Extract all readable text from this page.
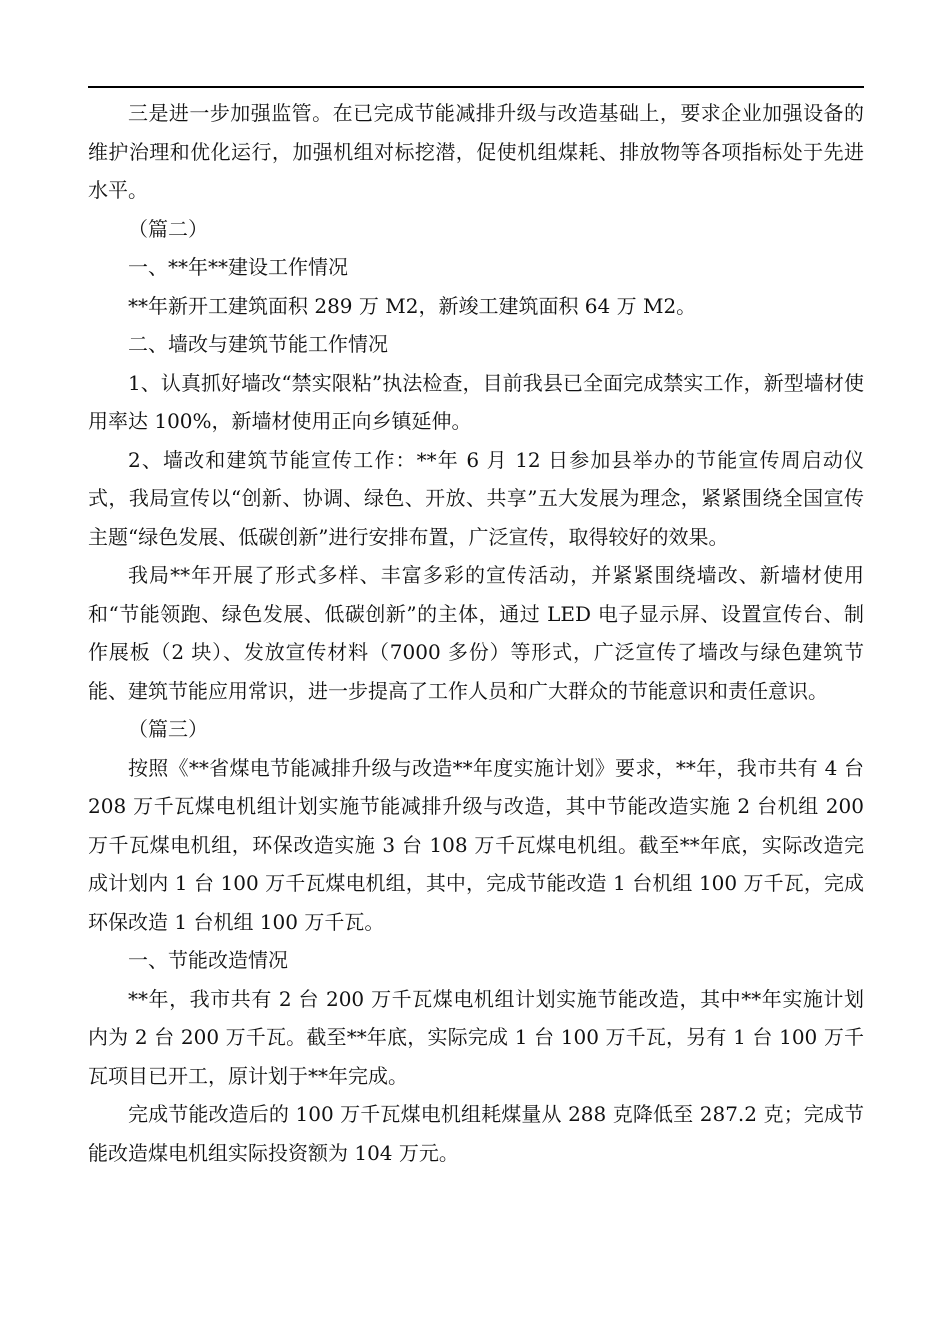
三是进一步加强监管。在已完成节能减排升级与改造基础上，要求企业加强设备的维护治理和优化运行，加强机组对标挖潜，促使机组煤耗、排放物等各项指标处于先进水平。

（篇二）

一、**年**建设工作情况

**年新开工建筑面积 289 万 M2，新竣工建筑面积 64 万 M2。

二、墙改与建筑节能工作情况

1、认真抓好墙改“禁实限粘”执法检查，目前我县已全面完成禁实工作，新型墙材使用率达 100%，新墙材使用正向乡镇延伸。

2、墙改和建筑节能宣传工作：**年 6 月 12 日参加县举办的节能宣传周启动仪式，我局宣传以“创新、协调、绿色、开放、共享”五大发展为理念，紧紧围绕全国宣传主题“绿色发展、低碳创新”进行安排布置，广泛宣传，取得较好的效果。

我局**年开展了形式多样、丰富多彩的宣传活动，并紧紧围绕墙改、新墙材使用和“节能领跑、绿色发展、低碳创新”的主体，通过 LED 电子显示屏、设置宣传台、制作展板（2 块）、发放宣传材料（7000 多份）等形式，广泛宣传了墙改与绿色建筑节能、建筑节能应用常识，进一步提高了工作人员和广大群众的节能意识和责任意识。

（篇三）

按照《**省煤电节能减排升级与改造**年度实施计划》要求，**年，我市共有 4 台 208 万千瓦煤电机组计划实施节能减排升级与改造，其中节能改造实施 2 台机组 200 万千瓦煤电机组，环保改造实施 3 台 108 万千瓦煤电机组。截至**年底，实际改造完成计划内 1 台 100 万千瓦煤电机组，其中，完成节能改造 1 台机组 100 万千瓦，完成环保改造 1 台机组 100 万千瓦。

一、节能改造情况

**年，我市共有 2 台 200 万千瓦煤电机组计划实施节能改造，其中**年实施计划内为 2 台 200 万千瓦。截至**年底，实际完成 1 台 100 万千瓦，另有 1 台 100 万千瓦项目已开工，原计划于**年完成。

完成节能改造后的 100 万千瓦煤电机组耗煤量从 288 克降低至 287.2 克；完成节能改造煤电机组实际投资额为 104 万元。
